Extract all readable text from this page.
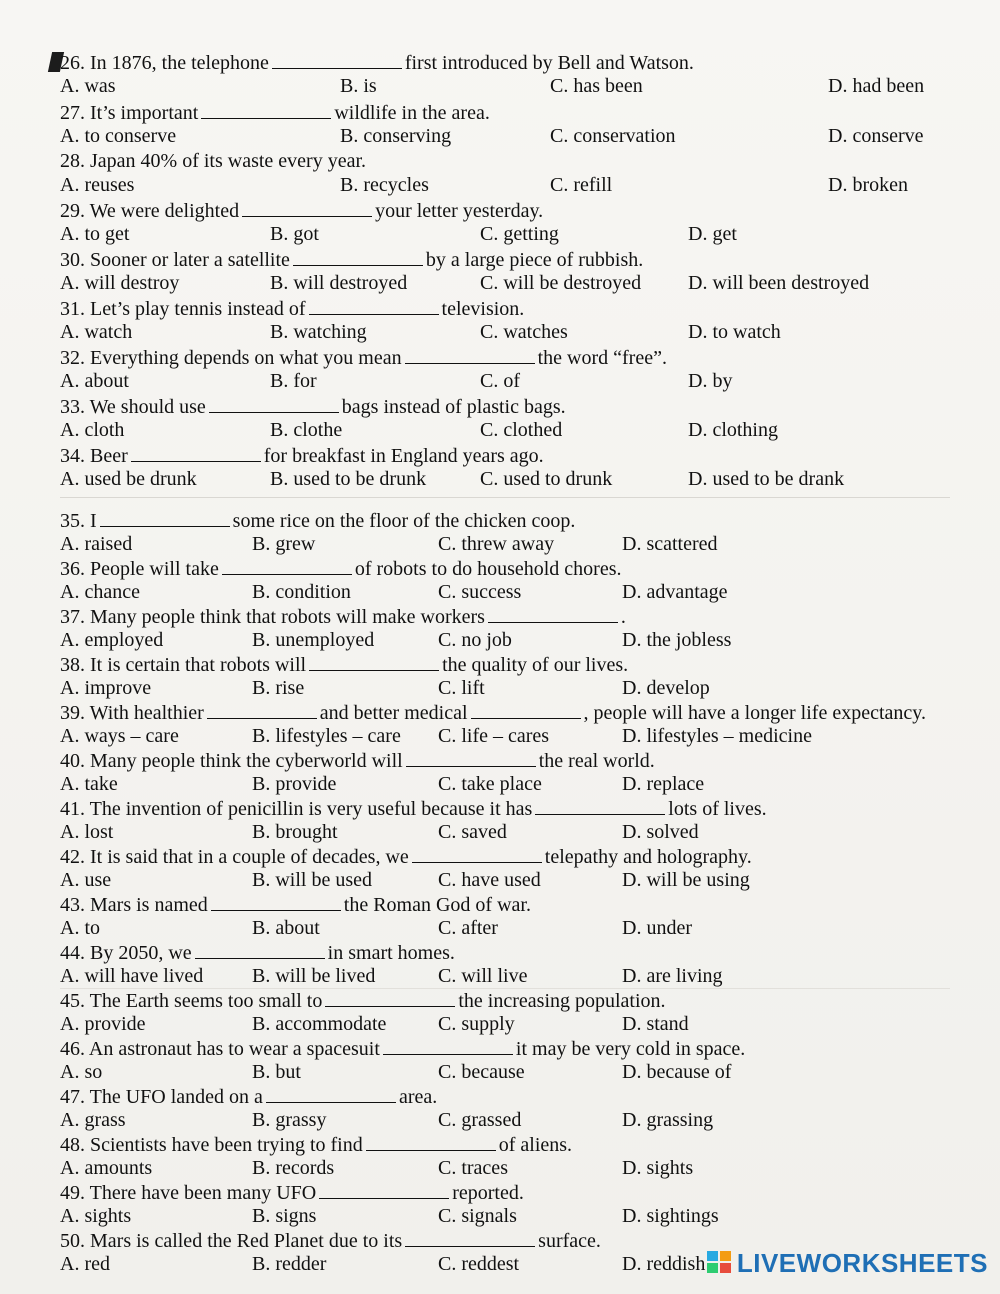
26. In 1876, the telephone	first introduced by Bell and Watson.
A. was	B. is	C. has been	D. had been
27. It’s important	wildlife in the area.
A. to conserve	B. conserving	C. conservation	D. conserve
28. Japan 40% of its waste every year.
A. reuses	B. recycles	C. refill	D. broken
29. We were delighted	your letter yesterday.
A. to get	B. got	C. getting	D. get
30. Sooner or later a satellite	by a large piece of rubbish.
A. will destroy	B. will destroyed	C. will be destroyed D. will been destroyed
31. Let’s play tennis instead of	television.
A. watch	B. watching	C. watches	D. to watch
32. Everything depends on what you mean	the word “free”.
A. about	B. for	C. of	D. by
33. We should use	bags instead of plastic bags.
A. cloth	B. clothe	C. clothed	D. clothing
34. Beer	for breakfast in England years ago.
A. used be drunk	B. used to be drunk	C. used to drunk	D. used to be drank
35. I	some rice on the floor of the chicken coop.
A. raised	B. grew	C. threw away	D. scattered
36. People will take	of robots to do household chores.
A. chance	B. condition	C. success	D. advantage
37. Many people think that robots will make workers	.
A. employed	B. unemployed	C. no job	D. the jobless
38. It is certain that robots will	the quality of our lives.
A. improve	B. rise	C. lift	D. develop
39. With healthier	and better medical	, people will have a longer life expectancy.
A. ways – care	B. lifestyles – care C. life – cares	D. lifestyles – medicine
40. Many people think the cyberworld will	the real world.
A. take	B. provide	C. take place	D. replace
41. The invention of penicillin is very useful because it has	lots of lives.
A. lost	B. brought	C. saved	D. solved
42. It is said that in a couple of decades, we	telepathy and holography.
A. use	B. will be used	C. have used	D. will be using
43. Mars is named	the Roman God of war.
A. to	B. about	C. after	D. under
44. By 2050, we	in smart homes.
A. will have lived B. will be lived	C. will live	D. are living
45. The Earth seems too small to	the increasing population.
A. provide	B. accommodate	C. supply	D. stand
46. An astronaut has to wear a spacesuit	it may be very cold in space.
A. so	B. but	C. because	D. because of
47. The UFO landed on a	area.
A. grass	B. grassy	C. grassed	D. grassing
48. Scientists have been trying to find	of aliens.
A. amounts	B. records	C. traces	D. sights
49. There have been many UFO	reported.
A. sights	B. signs	C. signals	D. sightings
50. Mars is called the Red Planet due to its	surface.
A. red	B. redder	C. reddest	D. reddish LIVEWORKSHEETS
